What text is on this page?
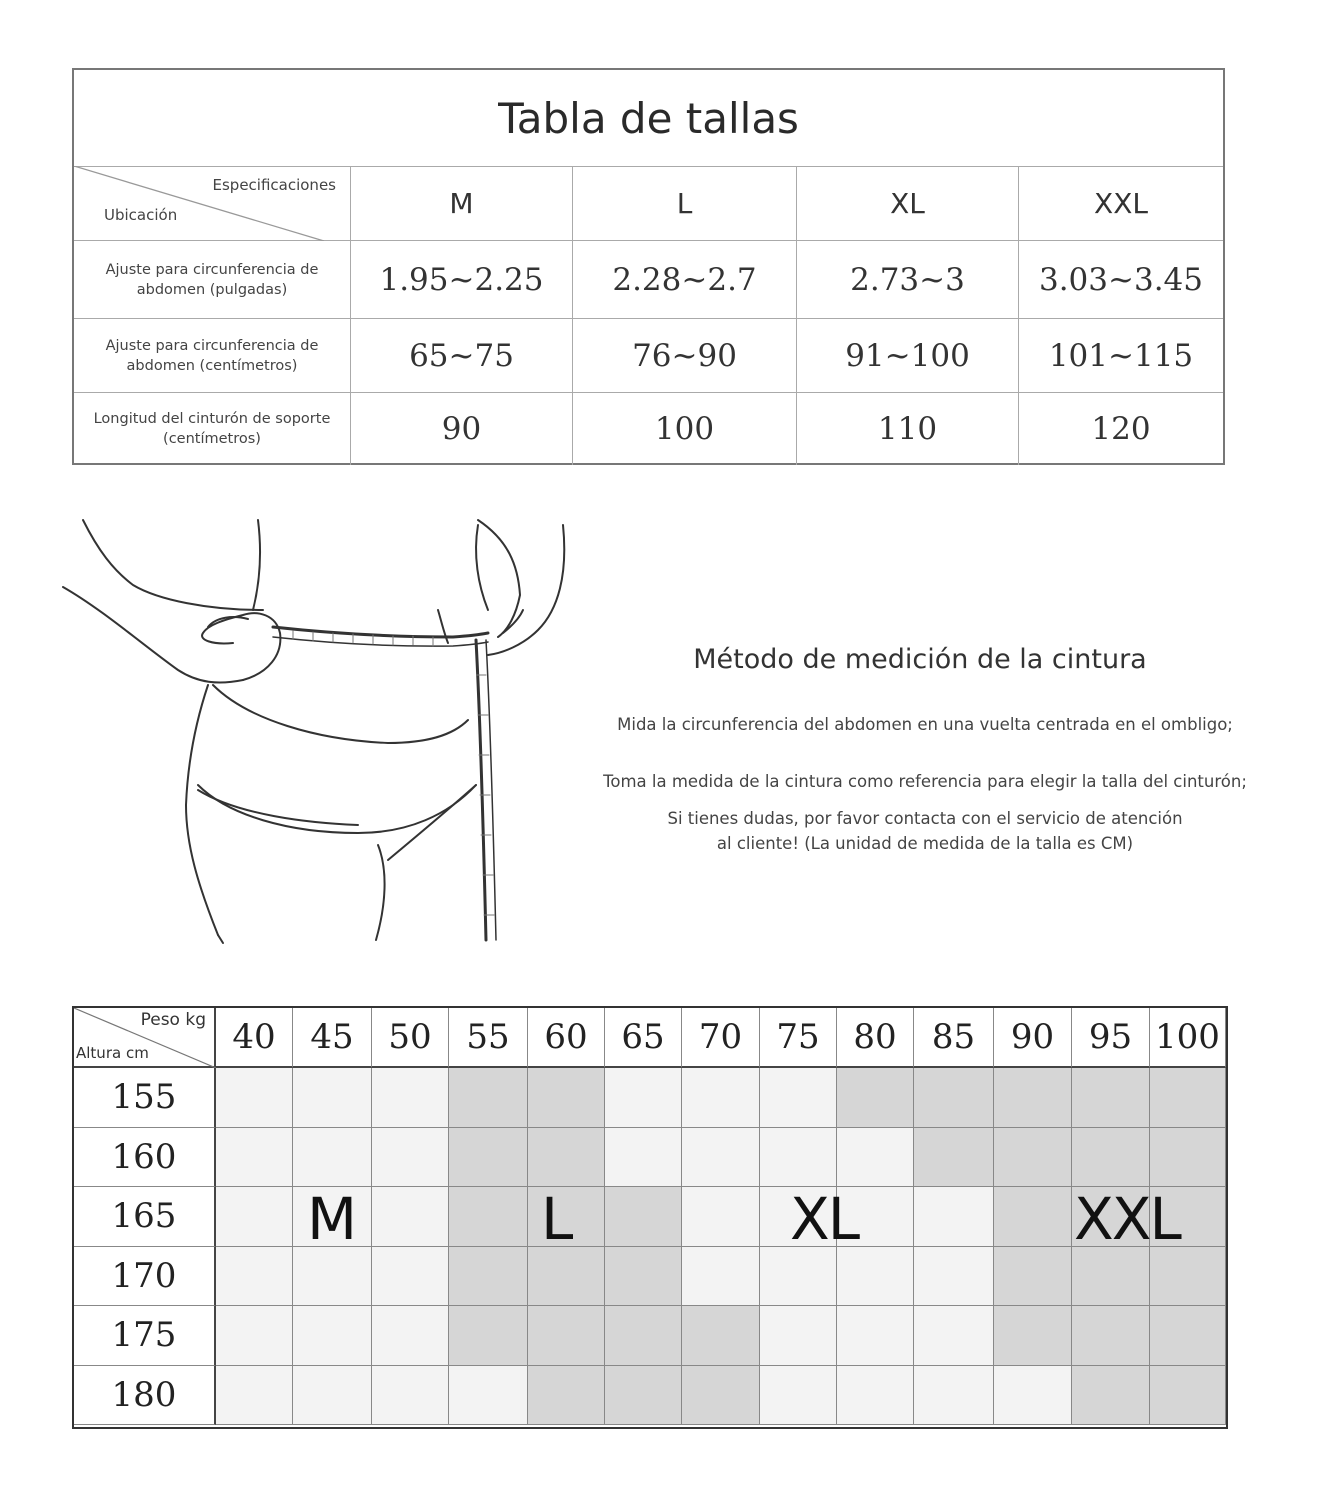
Tabla de tallas
Especificaciones
Ubicación	M	L	XL	XXL
Ajuste para circunferencia de abdomen (pulgadas)	1.95~2.25	2.28~2.7	2.73~3	3.03~3.45
Ajuste para circunferencia de abdomen (centímetros)	65~75	76~90	91~100	101~115
Longitud del cinturón de soporte (centímetros)	90	100	110	120
Método de medición de la cintura
Mida la circunferencia del abdomen en una vuelta centrada en el ombligo;
Toma la medida de la cintura como referencia para elegir la talla del cinturón;
Si tienes dudas, por favor contacta con el servicio de atención
al cliente! (La unidad de medida de la talla es CM)
Peso kg
Altura cm	40	45	50	55	60 65	70	75 80	85	90	95 100
155
160
165
170
175
180
M	L	XL	XXL
